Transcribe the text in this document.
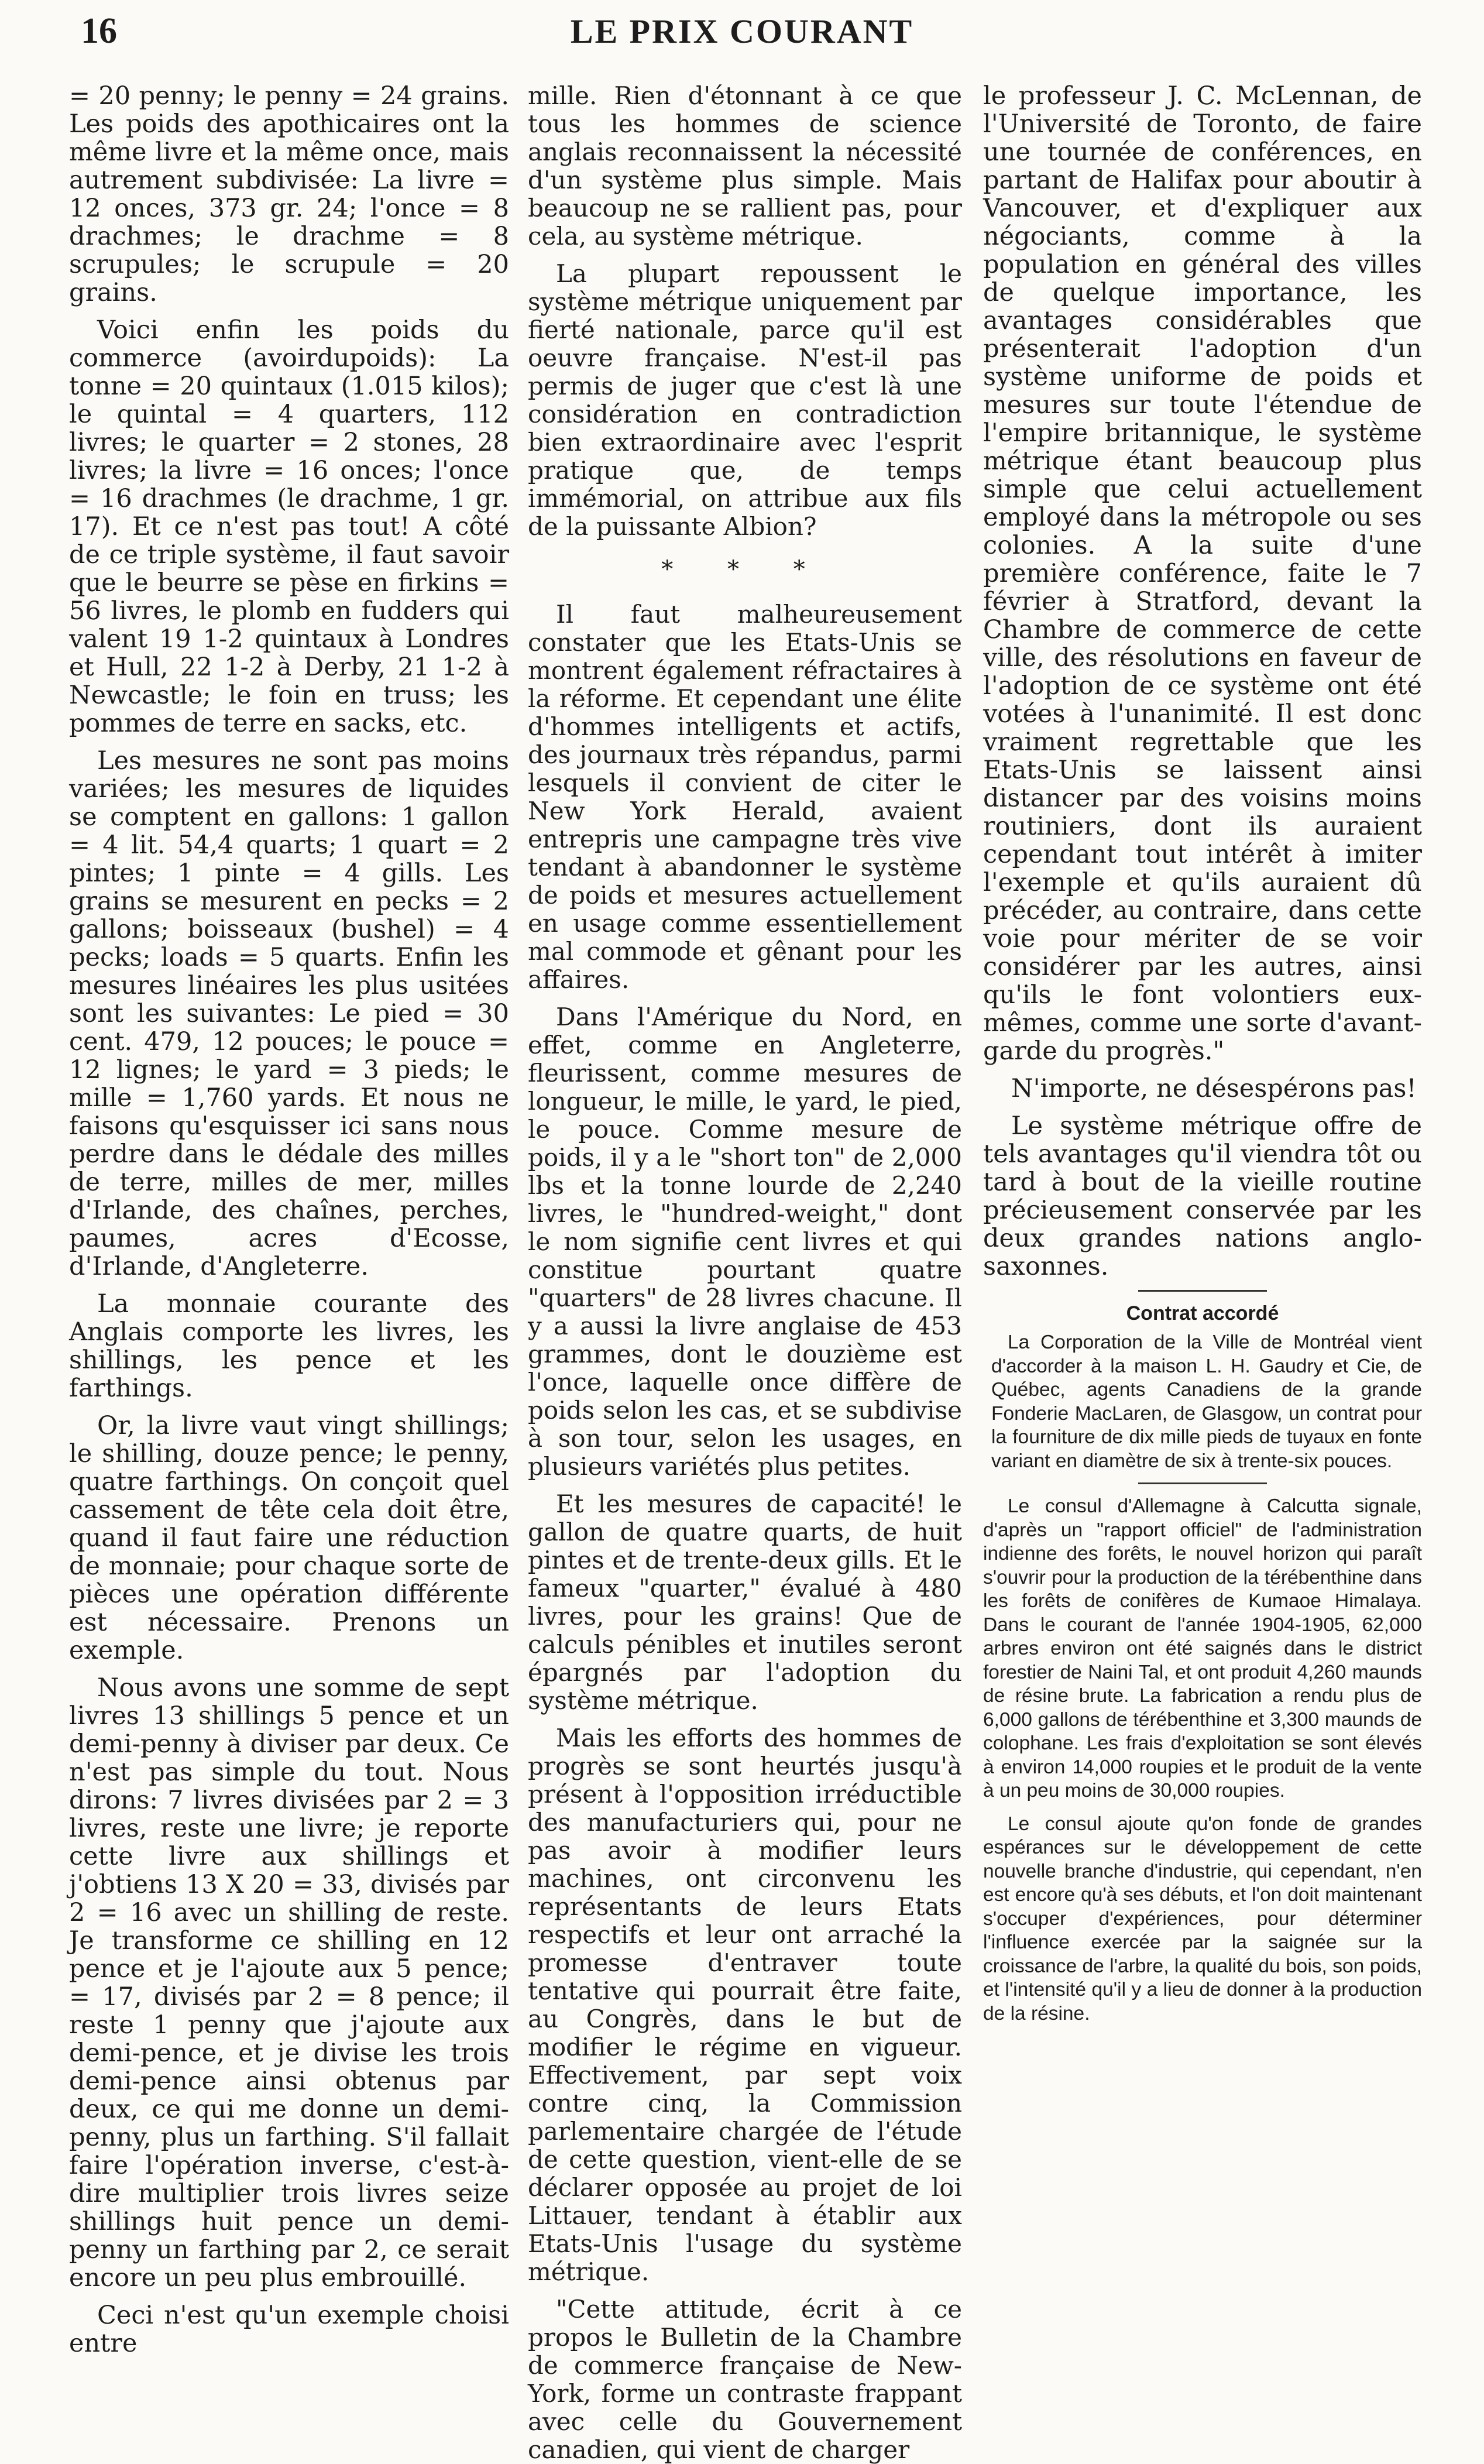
16	LE PRIX COURANT

= 20 penny; le penny = 24 grains. Les poids des apothicaires ont la même livre et la même once, mais autrement subdivisée: La livre = 12 onces, 373 gr. 24; l'once = 8 drachmes; le drachme = 8 scrupules; le scrupule = 20 grains.

Voici enfin les poids du commerce (avoirdupoids): La tonne = 20 quintaux (1.015 kilos); le quintal = 4 quarters, 112 livres; le quarter = 2 stones, 28 livres; la livre = 16 onces; l'once = 16 drachmes (le drachme, 1 gr. 17). Et ce n'est pas tout! A côté de ce triple système, il faut savoir que le beurre se pèse en firkins = 56 livres, le plomb en fudders qui valent 19 1-2 quintaux à Londres et Hull, 22 1-2 à Derby, 21 1-2 à Newcastle; le foin en truss; les pommes de terre en sacks, etc.

Les mesures ne sont pas moins variées; les mesures de liquides se comptent en gallons: 1 gallon = 4 lit. 54,4 quarts; 1 quart = 2 pintes; 1 pinte = 4 gills. Les grains se mesurent en pecks = 2 gallons; boisseaux (bushel) = 4 pecks; loads = 5 quarts. Enfin les mesures linéaires les plus usitées sont les suivantes: Le pied = 30 cent. 479, 12 pouces; le pouce = 12 lignes; le yard = 3 pieds; le mille = 1,760 yards. Et nous ne faisons qu'esquisser ici sans nous perdre dans le dédale des milles de terre, milles de mer, milles d'Irlande, des chaînes, perches, paumes, acres d'Ecosse, d'Irlande, d'Angleterre.

La monnaie courante des Anglais comporte les livres, les shillings, les pence et les farthings.

Or, la livre vaut vingt shillings; le shilling, douze pence; le penny, quatre farthings. On conçoit quel cassement de tête cela doit être, quand il faut faire une réduction de monnaie; pour chaque sorte de pièces une opération différente est nécessaire. Prenons un exemple.

Nous avons une somme de sept livres 13 shillings 5 pence et un demi-penny à diviser par deux. Ce n'est pas simple du tout. Nous dirons: 7 livres divisées par 2 = 3 livres, reste une livre; je reporte cette livre aux shillings et j'obtiens 13 X 20 = 33, divisés par 2 = 16 avec un shilling de reste. Je transforme ce shilling en 12 pence et je l'ajoute aux 5 pence; = 17, divisés par 2 = 8 pence; il reste 1 penny que j'ajoute aux demi-pence, et je divise les trois demi-pence ainsi obtenus par deux, ce qui me donne un demi-penny, plus un farthing. S'il fallait faire l'opération inverse, c'est-à-dire multiplier trois livres seize shillings huit pence un demi-penny un farthing par 2, ce serait encore un peu plus embrouillé.

Ceci n'est qu'un exemple choisi entre

mille. Rien d'étonnant à ce que tous les hommes de science anglais reconnaissent la nécessité d'un système plus simple. Mais beaucoup ne se rallient pas, pour cela, au système métrique.

La plupart repoussent le système métrique uniquement par fierté nationale, parce qu'il est oeuvre française. N'est-il pas permis de juger que c'est là une considération en contradiction bien extraordinaire avec l'esprit pratique que, de temps immémorial, on attribue aux fils de la puissante Albion?

* * *

Il faut malheureusement constater que les Etats-Unis se montrent également réfractaires à la réforme. Et cependant une élite d'hommes intelligents et actifs, des journaux très répandus, parmi lesquels il convient de citer le New York Herald, avaient entrepris une campagne très vive tendant à abandonner le système de poids et mesures actuellement en usage comme essentiellement mal commode et gênant pour les affaires.

Dans l'Amérique du Nord, en effet, comme en Angleterre, fleurissent, comme mesures de longueur, le mille, le yard, le pied, le pouce. Comme mesure de poids, il y a le "short ton" de 2,000 lbs et la tonne lourde de 2,240 livres, le "hundred-weight," dont le nom signifie cent livres et qui constitue pourtant quatre "quarters" de 28 livres chacune. Il y a aussi la livre anglaise de 453 grammes, dont le douzième est l'once, laquelle once diffère de poids selon les cas, et se subdivise à son tour, selon les usages, en plusieurs variétés plus petites.

Et les mesures de capacité! le gallon de quatre quarts, de huit pintes et de trente-deux gills. Et le fameux "quarter," évalué à 480 livres, pour les grains! Que de calculs pénibles et inutiles seront épargnés par l'adoption du système métrique.

Mais les efforts des hommes de progrès se sont heurtés jusqu'à présent à l'opposition irréductible des manufacturiers qui, pour ne pas avoir à modifier leurs machines, ont circonvenu les représentants de leurs Etats respectifs et leur ont arraché la promesse d'entraver toute tentative qui pourrait être faite, au Congrès, dans le but de modifier le régime en vigueur. Effectivement, par sept voix contre cinq, la Commission parlementaire chargée de l'étude de cette question, vient-elle de se déclarer opposée au projet de loi Littauer, tendant à établir aux Etats-Unis l'usage du système métrique.

"Cette attitude, écrit à ce propos le Bulletin de la Chambre de commerce française de New-York, forme un contraste frappant avec celle du Gouvernement canadien, qui vient de charger

le professeur J. C. McLennan, de l'Université de Toronto, de faire une tournée de conférences, en partant de Halifax pour aboutir à Vancouver, et d'expliquer aux négociants, comme à la population en général des villes de quelque importance, les avantages considérables que présenterait l'adoption d'un système uniforme de poids et mesures sur toute l'étendue de l'empire britannique, le système métrique étant beaucoup plus simple que celui actuellement employé dans la métropole ou ses colonies. A la suite d'une première conférence, faite le 7 février à Stratford, devant la Chambre de commerce de cette ville, des résolutions en faveur de l'adoption de ce système ont été votées à l'unanimité. Il est donc vraiment regrettable que les Etats-Unis se laissent ainsi distancer par des voisins moins routiniers, dont ils auraient cependant tout intérêt à imiter l'exemple et qu'ils auraient dû précéder, au contraire, dans cette voie pour mériter de se voir considérer par les autres, ainsi qu'ils le font volontiers eux-mêmes, comme une sorte d'avant-garde du progrès."

N'importe, ne désespérons pas!

Le système métrique offre de tels avantages qu'il viendra tôt ou tard à bout de la vieille routine précieusement conservée par les deux grandes nations anglo-saxonnes.

Contrat accordé

La Corporation de la Ville de Montréal vient d'accorder à la maison L. H. Gaudry et Cie, de Québec, agents Canadiens de la grande Fonderie MacLaren, de Glasgow, un contrat pour la fourniture de dix mille pieds de tuyaux en fonte variant en diamètre de six à trente-six pouces.

Le consul d'Allemagne à Calcutta signale, d'après un "rapport officiel" de l'administration indienne des forêts, le nouvel horizon qui paraît s'ouvrir pour la production de la térébenthine dans les forêts de conifères de Kumaoe Himalaya. Dans le courant de l'année 1904-1905, 62,000 arbres environ ont été saignés dans le district forestier de Naini Tal, et ont produit 4,260 maunds de résine brute. La fabrication a rendu plus de 6,000 gallons de térébenthine et 3,300 maunds de colophane. Les frais d'exploitation se sont élevés à environ 14,000 roupies et le produit de la vente à un peu moins de 30,000 roupies.

Le consul ajoute qu'on fonde de grandes espérances sur le développement de cette nouvelle branche d'industrie, qui cependant, n'en est encore qu'à ses débuts, et l'on doit maintenant s'occuper d'expériences, pour déterminer l'influence exercée par la saignée sur la croissance de l'arbre, la qualité du bois, son poids, et l'intensité qu'il y a lieu de donner à la production de la résine.
